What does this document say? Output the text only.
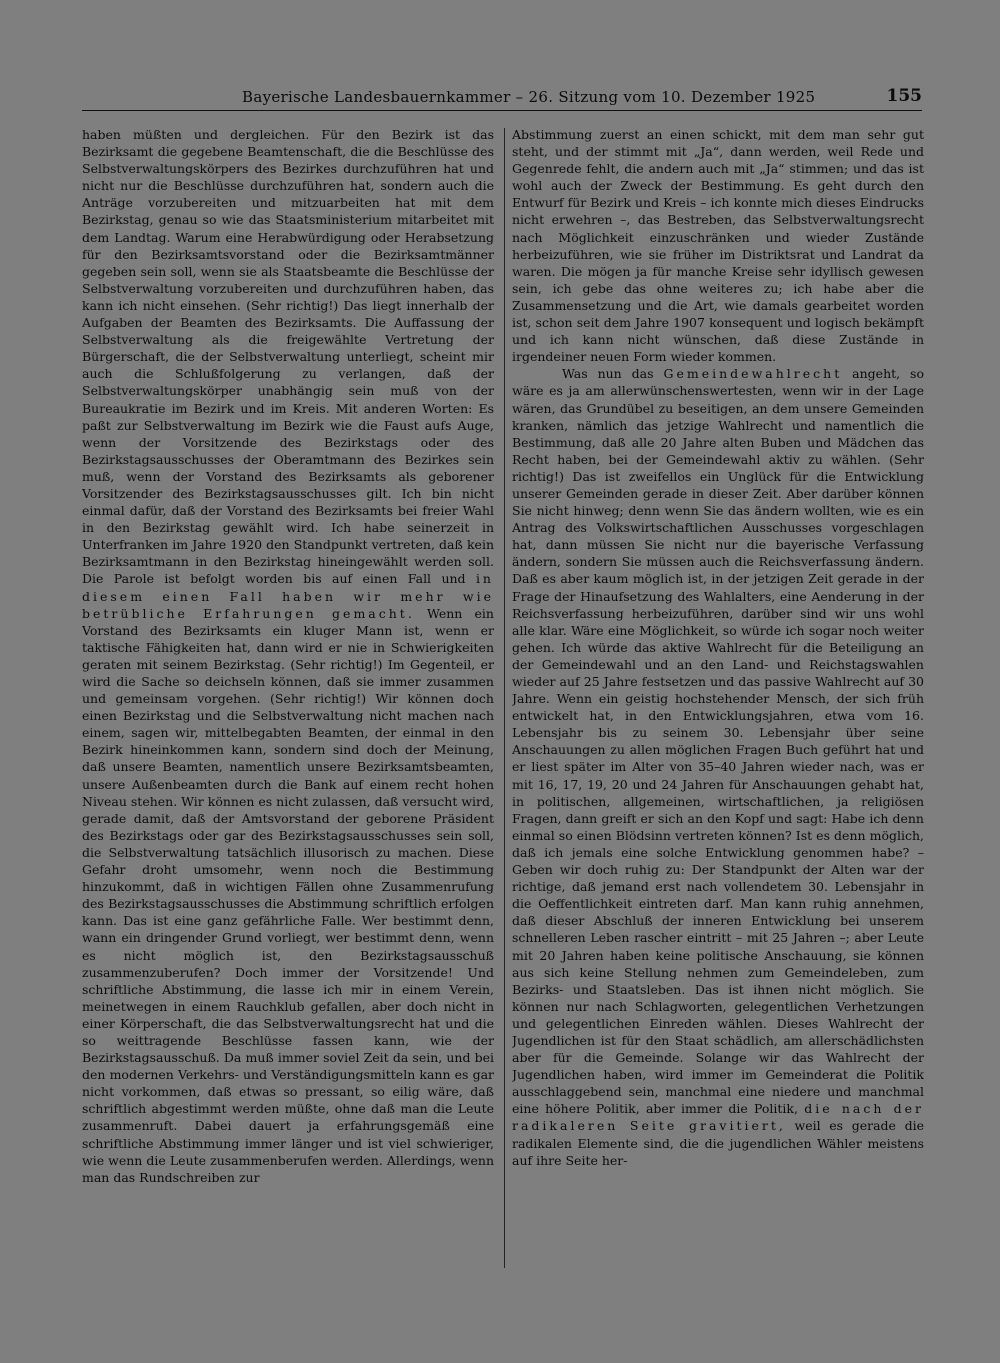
Bayerische Landesbauernkammer – 26. Sitzung vom 10. Dezember 1925	155

haben müßten und dergleichen. Für den Bezirk ist das Bezirksamt die gegebene Beamtenschaft, die die Beschlüsse des Selbstverwaltungskörpers des Bezirkes durchzuführen hat und nicht nur die Beschlüsse durchzuführen hat, sondern auch die Anträge vorzubereiten und mitzuarbeiten hat mit dem Bezirkstag, genau so wie das Staatsministerium mitarbeitet mit dem Landtag. Warum eine Herabwürdigung oder Herabsetzung für den Bezirksamtsvorstand oder die Bezirksamtmänner gegeben sein soll, wenn sie als Staatsbeamte die Beschlüsse der Selbstverwaltung vorzubereiten und durchzuführen haben, das kann ich nicht einsehen. (Sehr richtig!) Das liegt innerhalb der Aufgaben der Beamten des Bezirksamts. Die Auffassung der Selbstverwaltung als die freigewählte Vertretung der Bürgerschaft, die der Selbstverwaltung unterliegt, scheint mir auch die Schlußfolgerung zu verlangen, daß der Selbstverwaltungskörper unabhängig sein muß von der Bureaukratie im Bezirk und im Kreis. Mit anderen Worten: Es paßt zur Selbstverwaltung im Bezirk wie die Faust aufs Auge, wenn der Vorsitzende des Bezirkstags oder des Bezirkstagsausschusses der Oberamtmann des Bezirkes sein muß, wenn der Vorstand des Bezirksamts als geborener Vorsitzender des Bezirkstagsausschusses gilt. Ich bin nicht einmal dafür, daß der Vorstand des Bezirksamts bei freier Wahl in den Bezirkstag gewählt wird. Ich habe seinerzeit in Unterfranken im Jahre 1920 den Standpunkt vertreten, daß kein Bezirksamtmann in den Bezirkstag hineingewählt werden soll. Die Parole ist befolgt worden bis auf einen Fall und in diesem einen Fall haben wir mehr wie betrübliche Erfahrungen gemacht. Wenn ein Vorstand des Bezirksamts ein kluger Mann ist, wenn er taktische Fähigkeiten hat, dann wird er nie in Schwierigkeiten geraten mit seinem Bezirkstag. (Sehr richtig!) Im Gegenteil, er wird die Sache so deichseln können, daß sie immer zusammen und gemeinsam vorgehen. (Sehr richtig!) Wir können doch einen Bezirkstag und die Selbstverwaltung nicht machen nach einem, sagen wir, mittelbegabten Beamten, der einmal in den Bezirk hineinkommen kann, sondern sind doch der Meinung, daß unsere Beamten, namentlich unsere Bezirksamtsbeamten, unsere Außenbeamten durch die Bank auf einem recht hohen Niveau stehen. Wir können es nicht zulassen, daß versucht wird, gerade damit, daß der Amtsvorstand der geborene Präsident des Bezirkstags oder gar des Bezirkstagsausschusses sein soll, die Selbstverwaltung tatsächlich illusorisch zu machen. Diese Gefahr droht umsomehr, wenn noch die Bestimmung hinzukommt, daß in wichtigen Fällen ohne Zusammenrufung des Bezirkstagsausschusses die Abstimmung schriftlich erfolgen kann. Das ist eine ganz gefährliche Falle. Wer bestimmt denn, wann ein dringender Grund vorliegt, wer bestimmt denn, wenn es nicht möglich ist, den Bezirkstagsausschuß zusammenzuberufen? Doch immer der Vorsitzende! Und schriftliche Abstimmung, die lasse ich mir in einem Verein, meinetwegen in einem Rauchklub gefallen, aber doch nicht in einer Körperschaft, die das Selbstverwaltungsrecht hat und die so weittragende Beschlüsse fassen kann, wie der Bezirkstagsausschuß. Da muß immer soviel Zeit da sein, und bei den modernen Verkehrs- und Verständigungsmitteln kann es gar nicht vorkommen, daß etwas so pressant, so eilig wäre, daß schriftlich abgestimmt werden müßte, ohne daß man die Leute zusammenruft. Dabei dauert ja erfahrungsgemäß eine schriftliche Abstimmung immer länger und ist viel schwieriger, wie wenn die Leute zusammenberufen werden. Allerdings, wenn man das Rundschreiben zur

Abstimmung zuerst an einen schickt, mit dem man sehr gut steht, und der stimmt mit „Ja“, dann werden, weil Rede und Gegenrede fehlt, die andern auch mit „Ja“ stimmen; und das ist wohl auch der Zweck der Bestimmung. Es geht durch den Entwurf für Bezirk und Kreis – ich konnte mich dieses Eindrucks nicht erwehren –, das Bestreben, das Selbstverwaltungsrecht nach Möglichkeit einzuschränken und wieder Zustände herbeizuführen, wie sie früher im Distriktsrat und Landrat da waren. Die mögen ja für manche Kreise sehr idyllisch gewesen sein, ich gebe das ohne weiteres zu; ich habe aber die Zusammensetzung und die Art, wie damals gearbeitet worden ist, schon seit dem Jahre 1907 konsequent und logisch bekämpft und ich kann nicht wünschen, daß diese Zustände in irgendeiner neuen Form wieder kommen.

Was nun das Gemeindewahlrecht angeht, so wäre es ja am allerwünschenswertesten, wenn wir in der Lage wären, das Grundübel zu beseitigen, an dem unsere Gemeinden kranken, nämlich das jetzige Wahlrecht und namentlich die Bestimmung, daß alle 20 Jahre alten Buben und Mädchen das Recht haben, bei der Gemeindewahl aktiv zu wählen. (Sehr richtig!) Das ist zweifellos ein Unglück für die Entwicklung unserer Gemeinden gerade in dieser Zeit. Aber darüber können Sie nicht hinweg; denn wenn Sie das ändern wollten, wie es ein Antrag des Volkswirtschaftlichen Ausschusses vorgeschlagen hat, dann müssen Sie nicht nur die bayerische Verfassung ändern, sondern Sie müssen auch die Reichsverfassung ändern. Daß es aber kaum möglich ist, in der jetzigen Zeit gerade in der Frage der Hinaufsetzung des Wahlalters, eine Aenderung in der Reichsverfassung herbeizuführen, darüber sind wir uns wohl alle klar. Wäre eine Möglichkeit, so würde ich sogar noch weiter gehen. Ich würde das aktive Wahlrecht für die Beteiligung an der Gemeindewahl und an den Land- und Reichstagswahlen wieder auf 25 Jahre festsetzen und das passive Wahlrecht auf 30 Jahre. Wenn ein geistig hochstehender Mensch, der sich früh entwickelt hat, in den Entwicklungsjahren, etwa vom 16. Lebensjahr bis zu seinem 30. Lebensjahr über seine Anschauungen zu allen möglichen Fragen Buch geführt hat und er liest später im Alter von 35–40 Jahren wieder nach, was er mit 16, 17, 19, 20 und 24 Jahren für Anschauungen gehabt hat, in politischen, allgemeinen, wirtschaftlichen, ja religiösen Fragen, dann greift er sich an den Kopf und sagt: Habe ich denn einmal so einen Blödsinn vertreten können? Ist es denn möglich, daß ich jemals eine solche Entwicklung genommen habe? – Geben wir doch ruhig zu: Der Standpunkt der Alten war der richtige, daß jemand erst nach vollendetem 30. Lebensjahr in die Oeffentlichkeit eintreten darf. Man kann ruhig annehmen, daß dieser Abschluß der inneren Entwicklung bei unserem schnelleren Leben rascher eintritt – mit 25 Jahren –; aber Leute mit 20 Jahren haben keine politische Anschauung, sie können aus sich keine Stellung nehmen zum Gemeindeleben, zum Bezirks- und Staatsleben. Das ist ihnen nicht möglich. Sie können nur nach Schlagworten, gelegentlichen Verhetzungen und gelegentlichen Einreden wählen. Dieses Wahlrecht der Jugendlichen ist für den Staat schädlich, am allerschädlichsten aber für die Gemeinde. Solange wir das Wahlrecht der Jugendlichen haben, wird immer im Gemeinderat die Politik ausschlaggebend sein, manchmal eine niedere und manchmal eine höhere Politik, aber immer die Politik, die nach der radikaleren Seite gravitiert, weil es gerade die radikalen Elemente sind, die die jugendlichen Wähler meistens auf ihre Seite her-
